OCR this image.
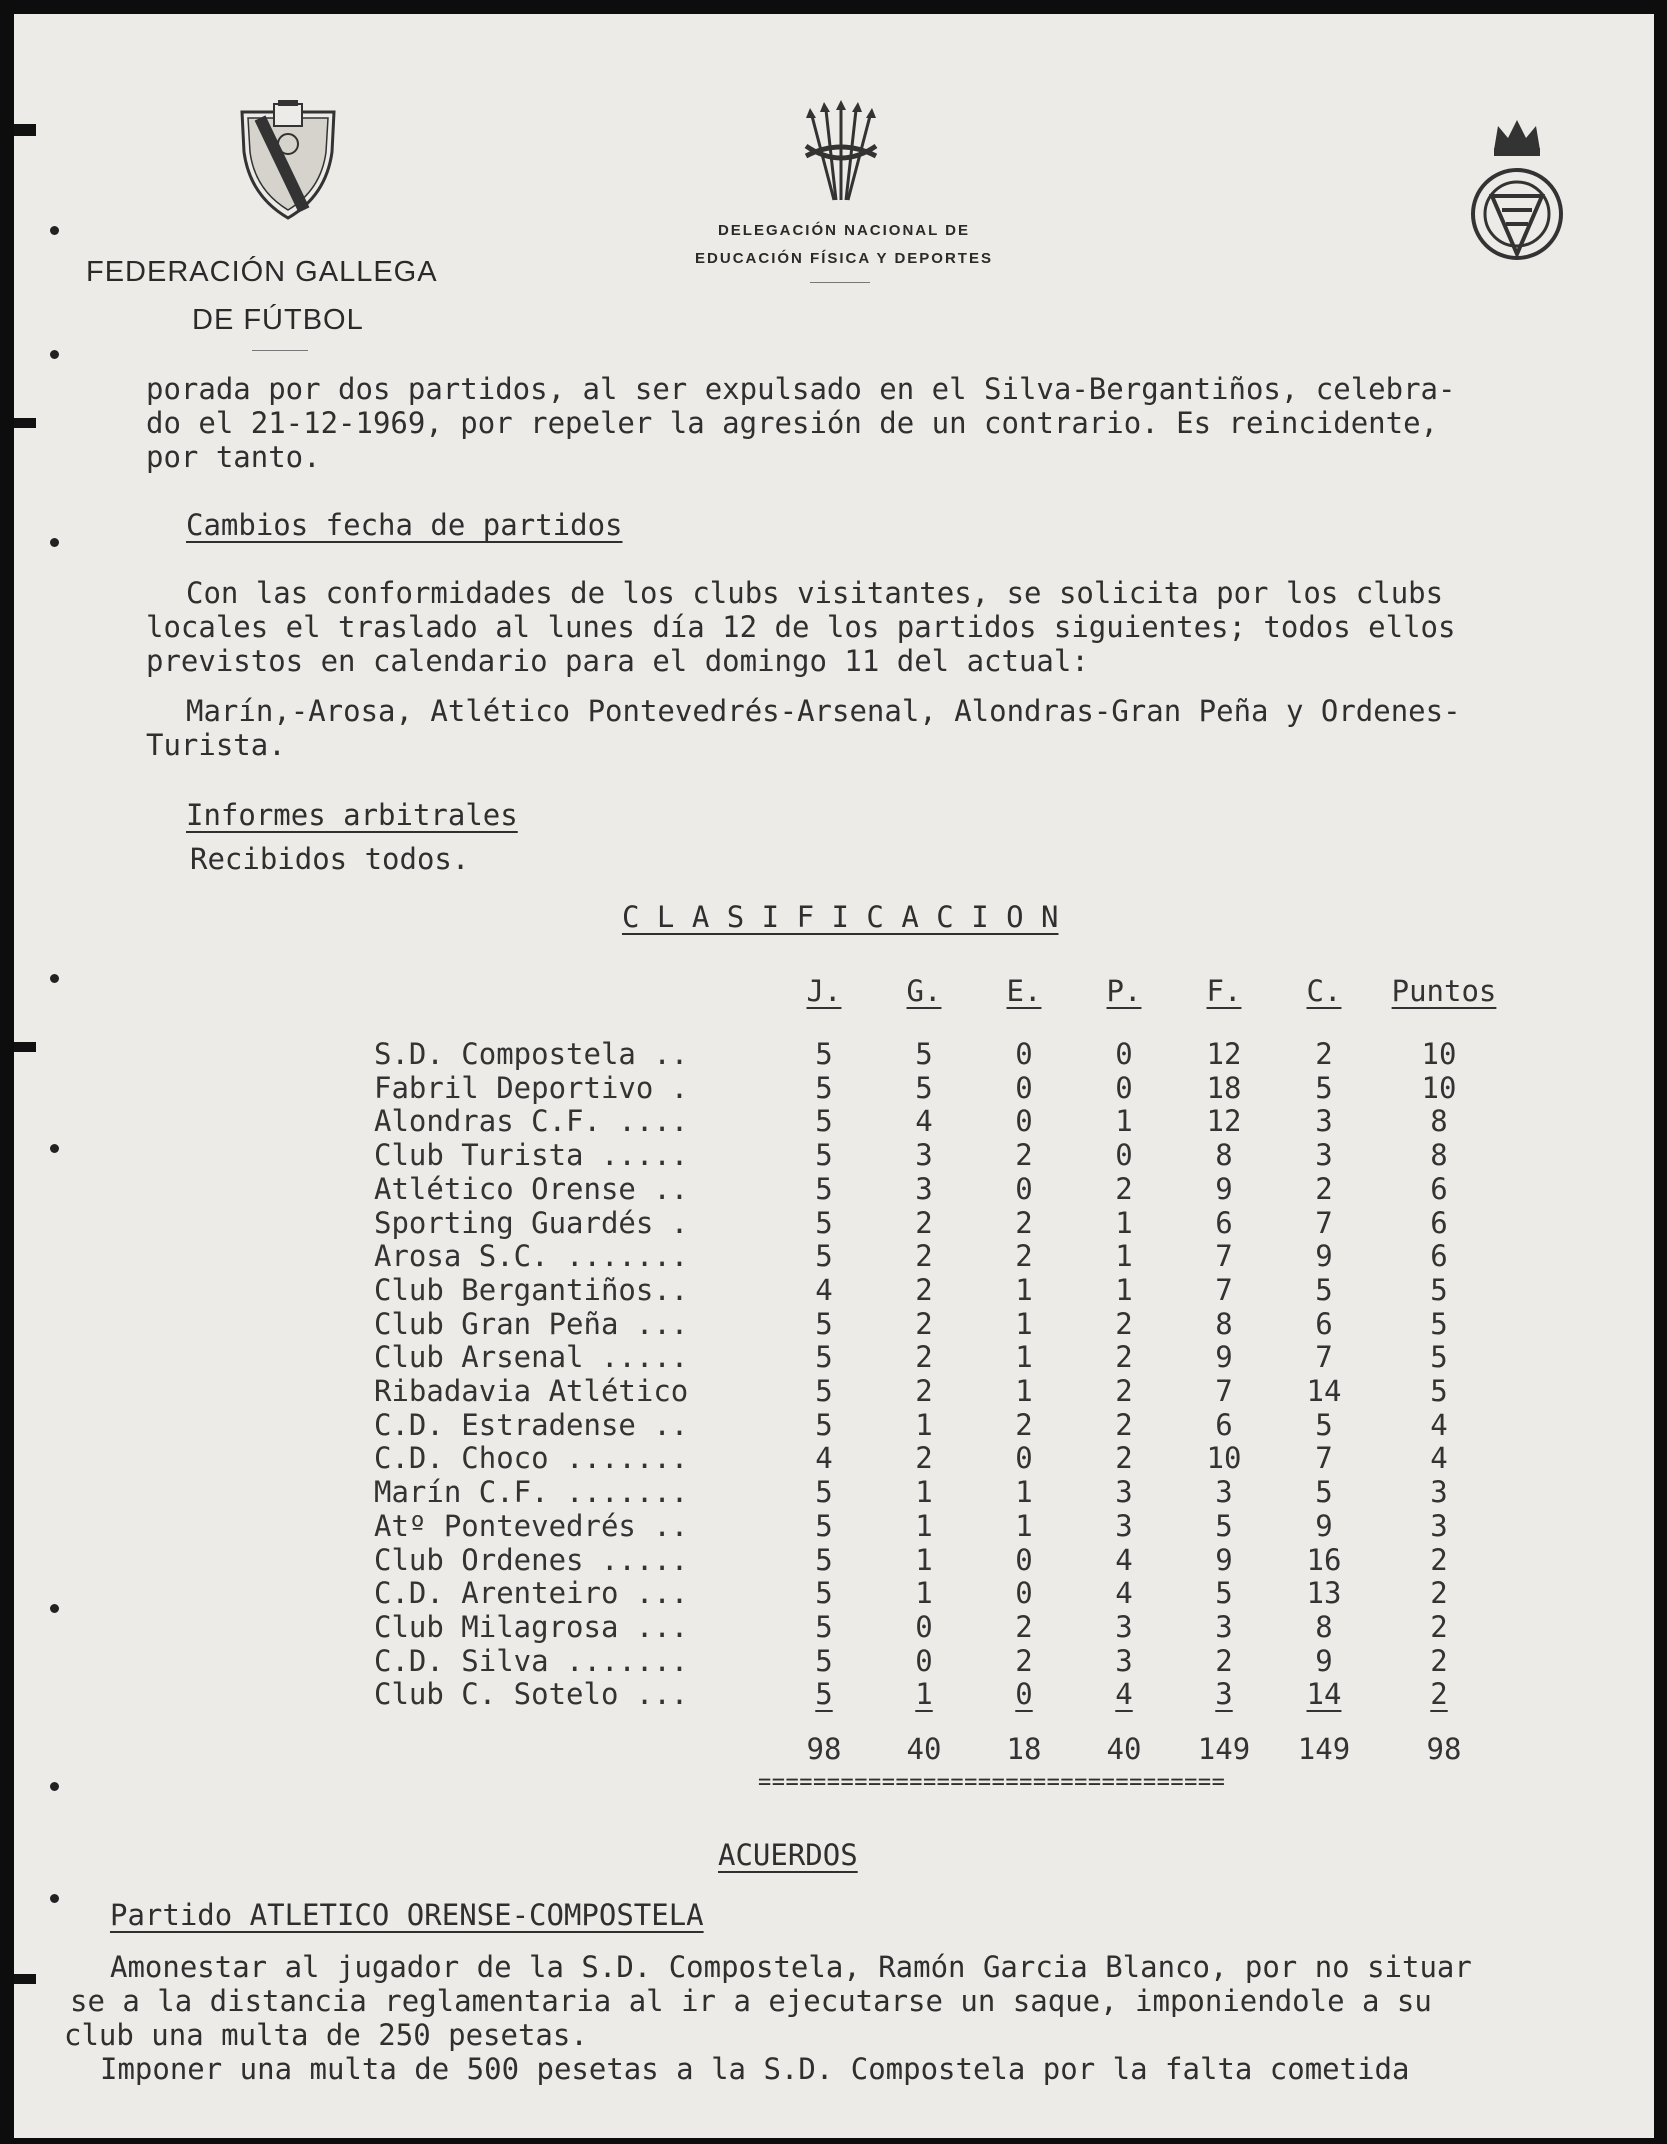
FEDERACIÓN GALLEGA
DE FÚTBOL
DELEGACIÓN NACIONAL DE
EDUCACIÓN FÍSICA Y DEPORTES
porada por dos partidos, al ser expulsado en el Silva-Bergantiños, celebra-
do el 21-12-1969, por repeler la agresión de un contrario. Es reincidente,
por tanto.
Cambios fecha de partidos
Con las conformidades de los clubs visitantes, se solicita por los clubs
locales el traslado al lunes día 12 de los partidos siguientes; todos ellos
previstos en calendario para el domingo 11 del actual:
Marín,-Arosa, Atlético Pontevedrés-Arsenal, Alondras-Gran Peña y Ordenes-
Turista.
Informes arbitrales
Recibidos todos.
C L A S I F I C A C I O N
J.	G.	E.	P.	F.	C.	Puntos
S.D. Compostela ..	5	5	0	0	12	2	10
Fabril Deportivo .	5	5	0	0	18	5	10
Alondras C.F. ....	5	4	0	1	12	3	8
Club Turista .....	5	3	2	0	8	3	8
Atlético Orense ..	5	3	0	2	9	2	6
Sporting Guardés .	5	2	2	1	6	7	6
Arosa S.C. .......	5	2	2	1	7	9	6
Club Bergantiños..	4	2	1	1	7	5	5
Club Gran Peña ...	5	2	1	2	8	6	5
Club Arsenal .....	5	2	1	2	9	7	5
Ribadavia Atlético	5	2	1	2	7	14	5
C.D. Estradense ..	5	1	2	2	6	5	4
C.D. Choco .......	4	2	0	2	10	7	4
Marín C.F. .......	5	1	1	3	3	5	3
Atº Pontevedrés ..	5	1	1	3	5	9	3
Club Ordenes .....	5	1	0	4	9	16	2
C.D. Arenteiro ...	5	1	0	4	5	13	2
Club Milagrosa ...	5	0	2	3	3	8	2
C.D. Silva .......	5	0	2	3	2	9	2
Club C. Sotelo ...	5	1	0	4	3	14	2
98	40	18	40	149	149	98
==================================
ACUERDOS
Partido ATLETICO ORENSE-COMPOSTELA
Amonestar al jugador de la S.D. Compostela, Ramón Garcia Blanco, por no situar
se a la distancia reglamentaria al ir a ejecutarse un saque, imponiendole a su
club una multa de 250 pesetas.
Imponer una multa de 500 pesetas a la S.D. Compostela por la falta cometida
